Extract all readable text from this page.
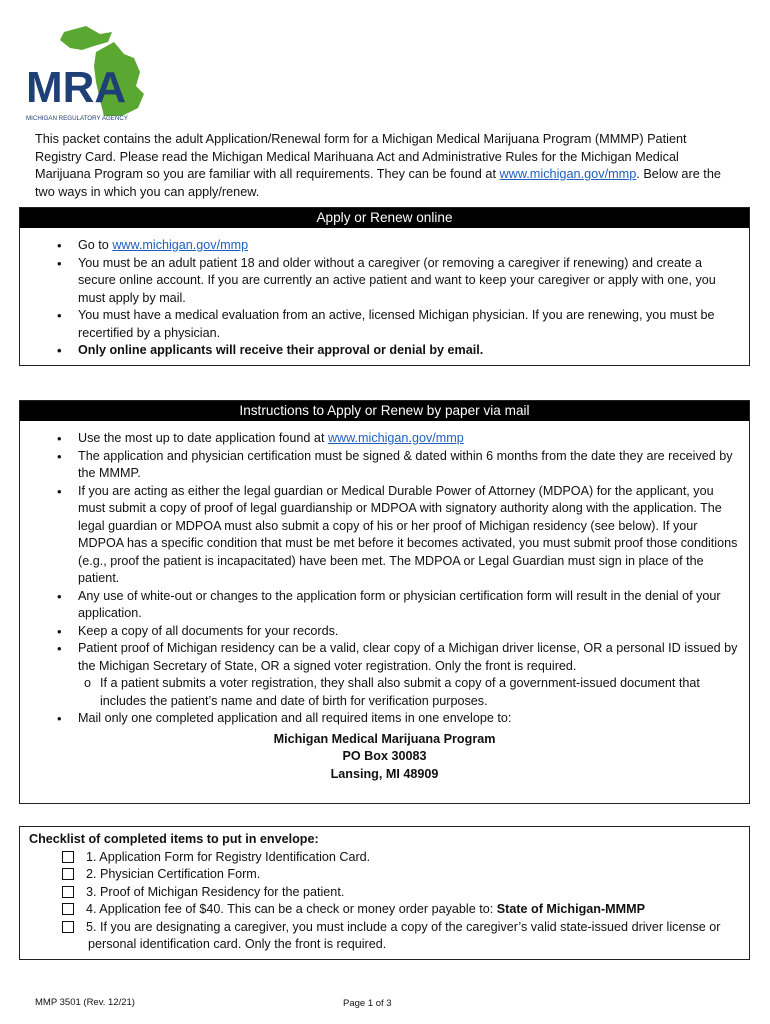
MRA
MICHIGAN REGULATORY AGENCY
This packet contains the adult Application/Renewal form for a Michigan Medical Marijuana Program (MMMP) Patient Registry Card. Please read the Michigan Medical Marihuana Act and Administrative Rules for the Michigan Medical Marijuana Program so you are familiar with all requirements. They can be found at www.michigan.gov/mmp. Below are the two ways in which you can apply/renew.
Apply or Renew online
• Go to www.michigan.gov/mmp
• You must be an adult patient 18 and older without a caregiver (or removing a caregiver if renewing) and create a secure online account. If you are currently an active patient and want to keep your caregiver or apply with one, you must apply by mail.
• You must have a medical evaluation from an active, licensed Michigan physician. If you are renewing, you must be recertified by a physician.
• Only online applicants will receive their approval or denial by email.
Instructions to Apply or Renew by paper via mail
• Use the most up to date application found at www.michigan.gov/mmp
• The application and physician certification must be signed & dated within 6 months from the date they are received by the MMMP.
• If you are acting as either the legal guardian or Medical Durable Power of Attorney (MDPOA) for the applicant, you must submit a copy of proof of legal guardianship or MDPOA with signatory authority along with the application. The legal guardian or MDPOA must also submit a copy of his or her proof of Michigan residency (see below). If your MDPOA has a specific condition that must be met before it becomes activated, you must submit proof those conditions (e.g., proof the patient is incapacitated) have been met. The MDPOA or Legal Guardian must sign in place of the patient.
• Any use of white-out or changes to the application form or physician certification form will result in the denial of your application.
• Keep a copy of all documents for your records.
• Patient proof of Michigan residency can be a valid, clear copy of a Michigan driver license, OR a personal ID issued by the Michigan Secretary of State, OR a signed voter registration. Only the front is required.
o If a patient submits a voter registration, they shall also submit a copy of a government-issued document that includes the patient’s name and date of birth for verification purposes.
• Mail only one completed application and all required items in one envelope to:
Michigan Medical Marijuana Program
PO Box 30083
Lansing, MI 48909
Checklist of completed items to put in envelope:
1. Application Form for Registry Identification Card.
2. Physician Certification Form.
3. Proof of Michigan Residency for the patient.
4. Application fee of $40. This can be a check or money order payable to: State of Michigan-MMMP
5. If you are designating a caregiver, you must include a copy of the caregiver’s valid state-issued driver license or
personal identification card. Only the front is required.
MMP 3501 (Rev. 12/21)	Page 1 of 3
